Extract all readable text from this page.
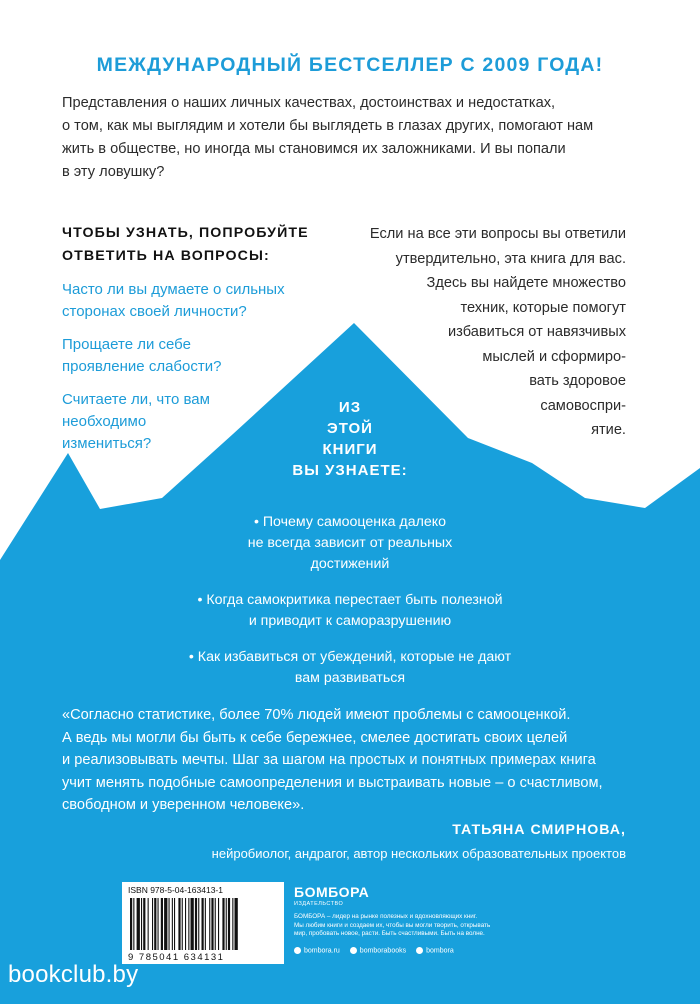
МЕЖДУНАРОДНЫЙ БЕСТСЕЛЛЕР С 2009 ГОДА!
Представления о наших личных качествах, достоинствах и недостатках,
о том, как мы выглядим и хотели бы выглядеть в глазах других, помогают нам
жить в обществе, но иногда мы становимся их заложниками. И вы попали
в эту ловушку?
ЧТОБЫ УЗНАТЬ, ПОПРОБУЙТЕ
ОТВЕТИТЬ НА ВОПРОСЫ:
Часто ли вы думаете о сильных
сторонах своей личности?
Прощаете ли себе
проявление слабости?
Считаете ли, что вам
необходимо
измениться?
Если на все эти вопросы вы ответили
утвердительно, эта книга для вас.
Здесь вы найдете множество
техник, которые помогут
избавиться от навязчивых
мыслей и сформиро-
вать здоровое
самовоспри-
ятие.
ИЗ
ЭТОЙ
КНИГИ
ВЫ УЗНАЕТЕ:
• Почему самооценка далеко
не всегда зависит от реальных
достижений
• Когда самокритика перестает быть полезной
и приводит к саморазрушению
• Как избавиться от убеждений, которые не дают
вам развиваться
«Согласно статистике, более 70% людей имеют проблемы с самооценкой.
А ведь мы могли бы быть к себе бережнее, смелее достигать своих целей
и реализовывать мечты. Шаг за шагом на простых и понятных примерах книга
учит менять подобные самоопределения и выстраивать новые – о счастливом,
свободном и уверенном человеке».
ТАТЬЯНА СМИРНОВА,
нейробиолог, андрагог, автор нескольких образовательных проектов
ISBN 978-5-04-163413-1
9 785041 634131
БОМБОРА
ИЗДАТЕЛЬСТВО
БОМБОРА – лидер на рынке полезных и вдохновляющих книг.
Мы любим книги и создаем их, чтобы вы могли творить, открывать
мир, пробовать новое, расти. Быть счастливыми. Быть на волне.
bombora.ru	bomborabooks	bombora
bookclub.by
